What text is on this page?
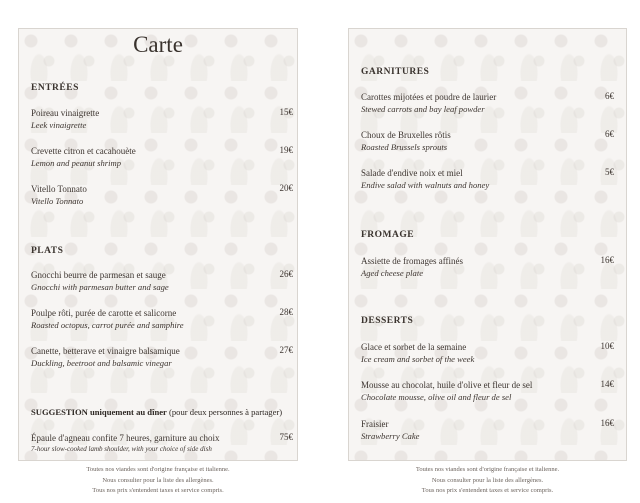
Carte
ENTRÉES
Poireau vinaigrette
Leek vinaigrette
15€
Crevette citron et cacahouète
Lemon and peanut shrimp
19€
Vitello Tonnato
Vitello Tonnato
20€
PLATS
Gnocchi beurre de parmesan et sauge
Gnocchi with parmesan butter and sage
26€
Poulpe rôti, purée de carotte et salicorne
Roasted octopus, carrot purée and samphire
28€
Canette, betterave et vinaigre balsamique
Duckling, beetroot and balsamic vinegar
27€
SUGGESTION uniquement au dîner (pour deux personnes à partager)
Épaule d'agneau confite 7 heures, garniture au choix
7-hour slow-cooked lamb shoulder, with your choice of side dish
75€
Toutes nos viandes sont d'origine française et italienne.
Nous consulter pour la liste des allergènes.
Tous nos prix s'entendent taxes et service compris.
GARNITURES
Carottes mijotées et poudre de laurier
Stewed carrots and bay leaf powder
6€
Choux de Bruxelles rôtis
Roasted Brussels sprouts
6€
Salade d'endive noix et miel
Endive salad with walnuts and honey
5€
FROMAGE
Assiette de fromages affinés
Aged cheese plate
16€
DESSERTS
Glace et sorbet de la semaine
Ice cream and sorbet of the week
10€
Mousse au chocolat, huile d'olive et fleur de sel
Chocolate mousse, olive oil and fleur de sel
14€
Fraisier
Strawberry Cake
16€
Toutes nos viandes sont d'origine française et italienne.
Nous consulter pour la liste des allergènes.
Tous nos prix s'entendent taxes et service compris.
